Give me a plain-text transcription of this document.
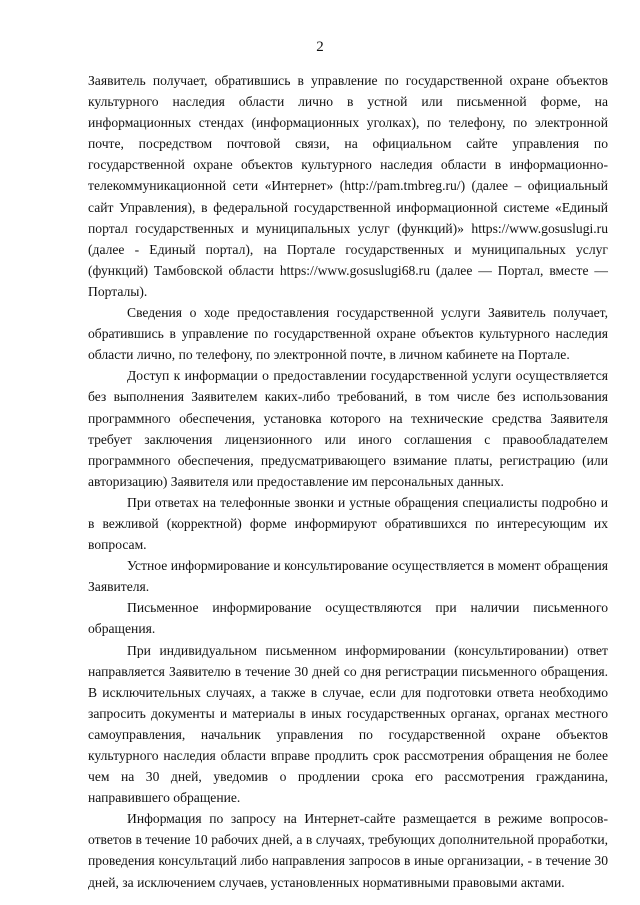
2

Заявитель получает, обратившись в управление по государственной охране объектов культурного наследия области лично в устной или письменной форме, на информационных стендах (информационных уголках), по телефону, по электронной почте, посредством почтовой связи, на официальном сайте управления по государственной охране объектов культурного наследия области в информационно-телекоммуникационной сети «Интернет» (http://pam.tmbreg.ru/) (далее – официальный сайт Управления), в федеральной государственной информационной системе «Единый портал государственных и муниципальных услуг (функций)» https://www.gosuslugi.ru (далее - Единый портал), на Портале государственных и муниципальных услуг (функций) Тамбовской области https://www.gosuslugi68.ru (далее — Портал, вместе — Порталы).

Сведения о ходе предоставления государственной услуги Заявитель получает, обратившись в управление по государственной охране объектов культурного наследия области лично, по телефону, по электронной почте, в личном кабинете на Портале.

Доступ к информации о предоставлении государственной услуги осуществляется без выполнения Заявителем каких-либо требований, в том числе без использования программного обеспечения, установка которого на технические средства Заявителя требует заключения лицензионного или иного соглашения с правообладателем программного обеспечения, предусматривающего взимание платы, регистрацию (или авторизацию) Заявителя или предоставление им персональных данных.

При ответах на телефонные звонки и устные обращения специалисты подробно и в вежливой (корректной) форме информируют обратившихся по интересующим их вопросам.

Устное информирование и консультирование осуществляется в момент обращения Заявителя.

Письменное информирование осуществляются при наличии письменного обращения.

При индивидуальном письменном информировании (консультировании) ответ направляется Заявителю в течение 30 дней со дня регистрации письменного обращения. В исключительных случаях, а также в случае, если для подготовки ответа необходимо запросить документы и материалы в иных государственных органах, органах местного самоуправления, начальник управления по государственной охране объектов культурного наследия области вправе продлить срок рассмотрения обращения не более чем на 30 дней, уведомив о продлении срока его рассмотрения гражданина, направившего обращение.

Информация по запросу на Интернет-сайте размещается в режиме вопросов-ответов в течение 10 рабочих дней, а в случаях, требующих дополнительной проработки, проведения консультаций либо направления запросов в иные организации, - в течение 30 дней, за исключением случаев, установленных нормативными правовыми актами.
